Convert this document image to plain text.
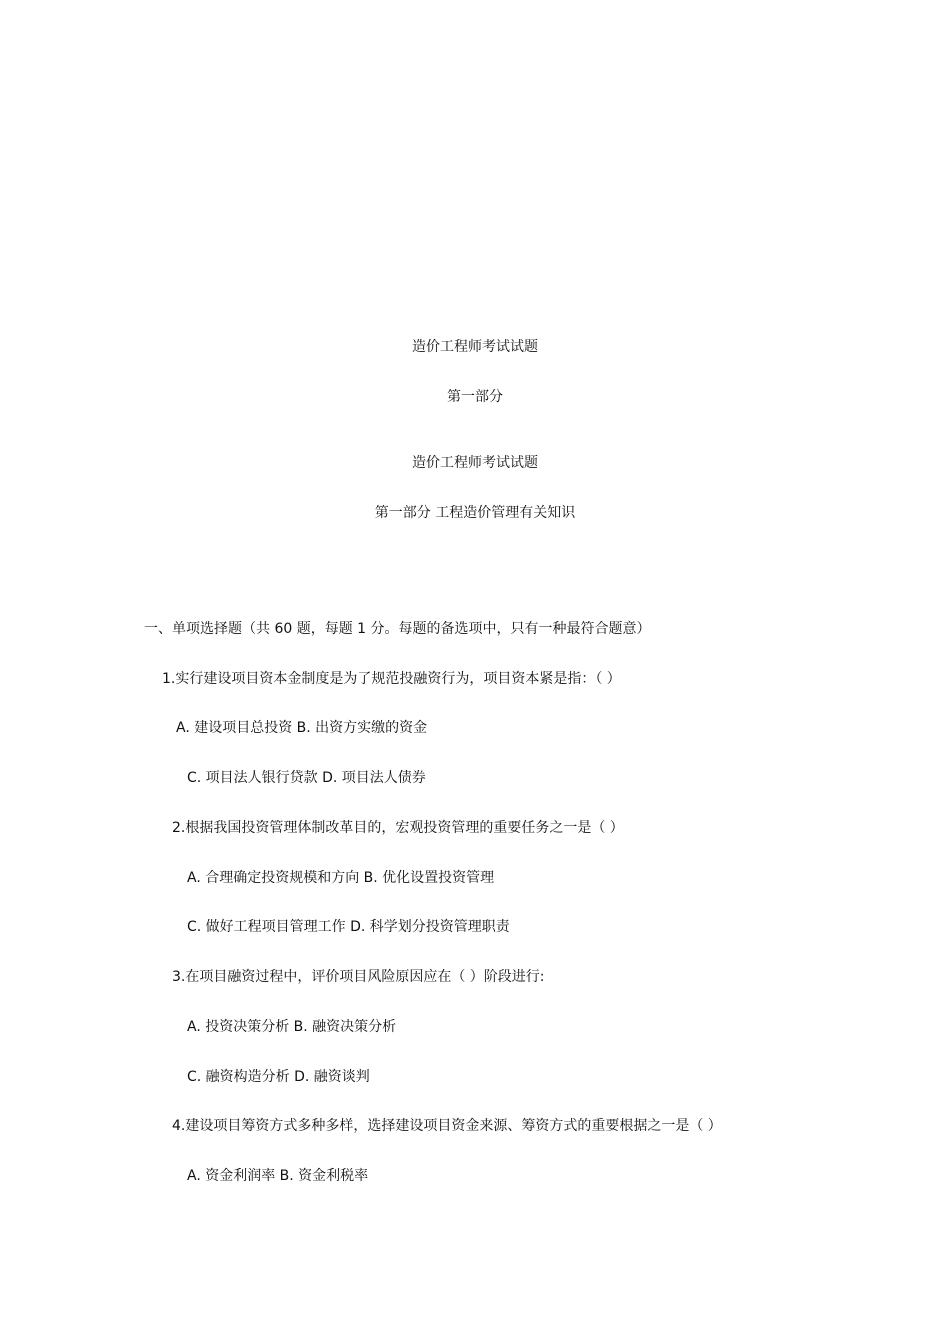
造价工程师考试试题
第一部分
造价工程师考试试题
第一部分 工程造价管理有关知识
一、单项选择题（共 60 题，每题 1 分。每题的备选项中，只有一种最符合题意）
1.实行建设项目资本金制度是为了规范投融资行为，项目资本紧是指：（ ）
A. 建设项目总投资 B. 出资方实缴的资金
C. 项目法人银行贷款 D. 项目法人债券
2.根据我国投资管理体制改革目的，宏观投资管理的重要任务之一是（ ）
A. 合理确定投资规模和方向 B. 优化设置投资管理
C. 做好工程项目管理工作 D. 科学划分投资管理职责
3.在项目融资过程中，评价项目风险原因应在（ ）阶段进行:
A. 投资决策分析 B. 融资决策分析
C. 融资构造分析 D. 融资谈判
4.建设项目筹资方式多种多样，选择建设项目资金来源、筹资方式的重要根据之一是（ ）
A. 资金利润率 B. 资金利税率
